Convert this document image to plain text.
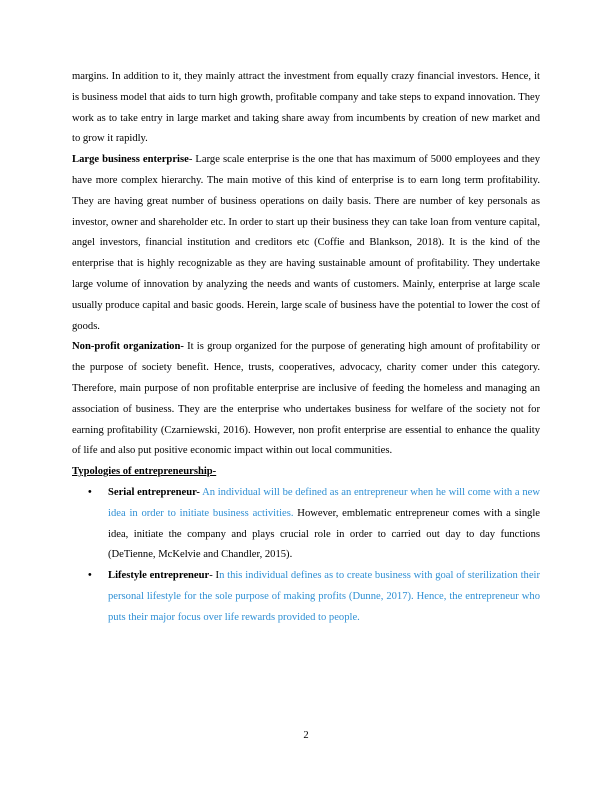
margins. In addition to it, they mainly attract the investment from equally crazy financial investors. Hence, it is business model that aids to turn high growth, profitable company and take steps to expand innovation. They work as to take entry in large market and taking share away from incumbents by creation of new market and to grow it rapidly.

Large business enterprise- Large scale enterprise is the one that has maximum of 5000 employees and they have more complex hierarchy. The main motive of this kind of enterprise is to earn long term profitability. They are having great number of business operations on daily basis. There are number of key personals as investor, owner and shareholder etc. In order to start up their business they can take loan from venture capital, angel investors, financial institution and creditors etc (Coffie and Blankson, 2018). It is the kind of the enterprise that is highly recognizable as they are having sustainable amount of profitability. They undertake large volume of innovation by analyzing the needs and wants of customers. Mainly, enterprise at large scale usually produce capital and basic goods. Herein, large scale of business have the potential to lower the cost of goods.

Non-profit organization- It is group organized for the purpose of generating high amount of profitability or the purpose of society benefit. Hence, trusts, cooperatives, advocacy, charity comer under this category. Therefore, main purpose of non profitable enterprise are inclusive of feeding the homeless and managing an association of business. They are the enterprise who undertakes business for welfare of the society not for earning profitability (Czarniewski, 2016). However, non profit enterprise are essential to enhance the quality of life and also put positive economic impact within out local communities.

Typologies of entrepreneurship-

• Serial entrepreneur- An individual will be defined as an entrepreneur when he will come with a new idea in order to initiate business activities. However, emblematic entrepreneur comes with a single idea, initiate the company and plays crucial role in order to carried out day to day functions (DeTienne, McKelvie and Chandler, 2015).
• Lifestyle entrepreneur- In this individual defines as to create business with goal of sterilization their personal lifestyle for the sole purpose of making profits (Dunne, 2017). Hence, the entrepreneur who puts their major focus over life rewards provided to people.
2
